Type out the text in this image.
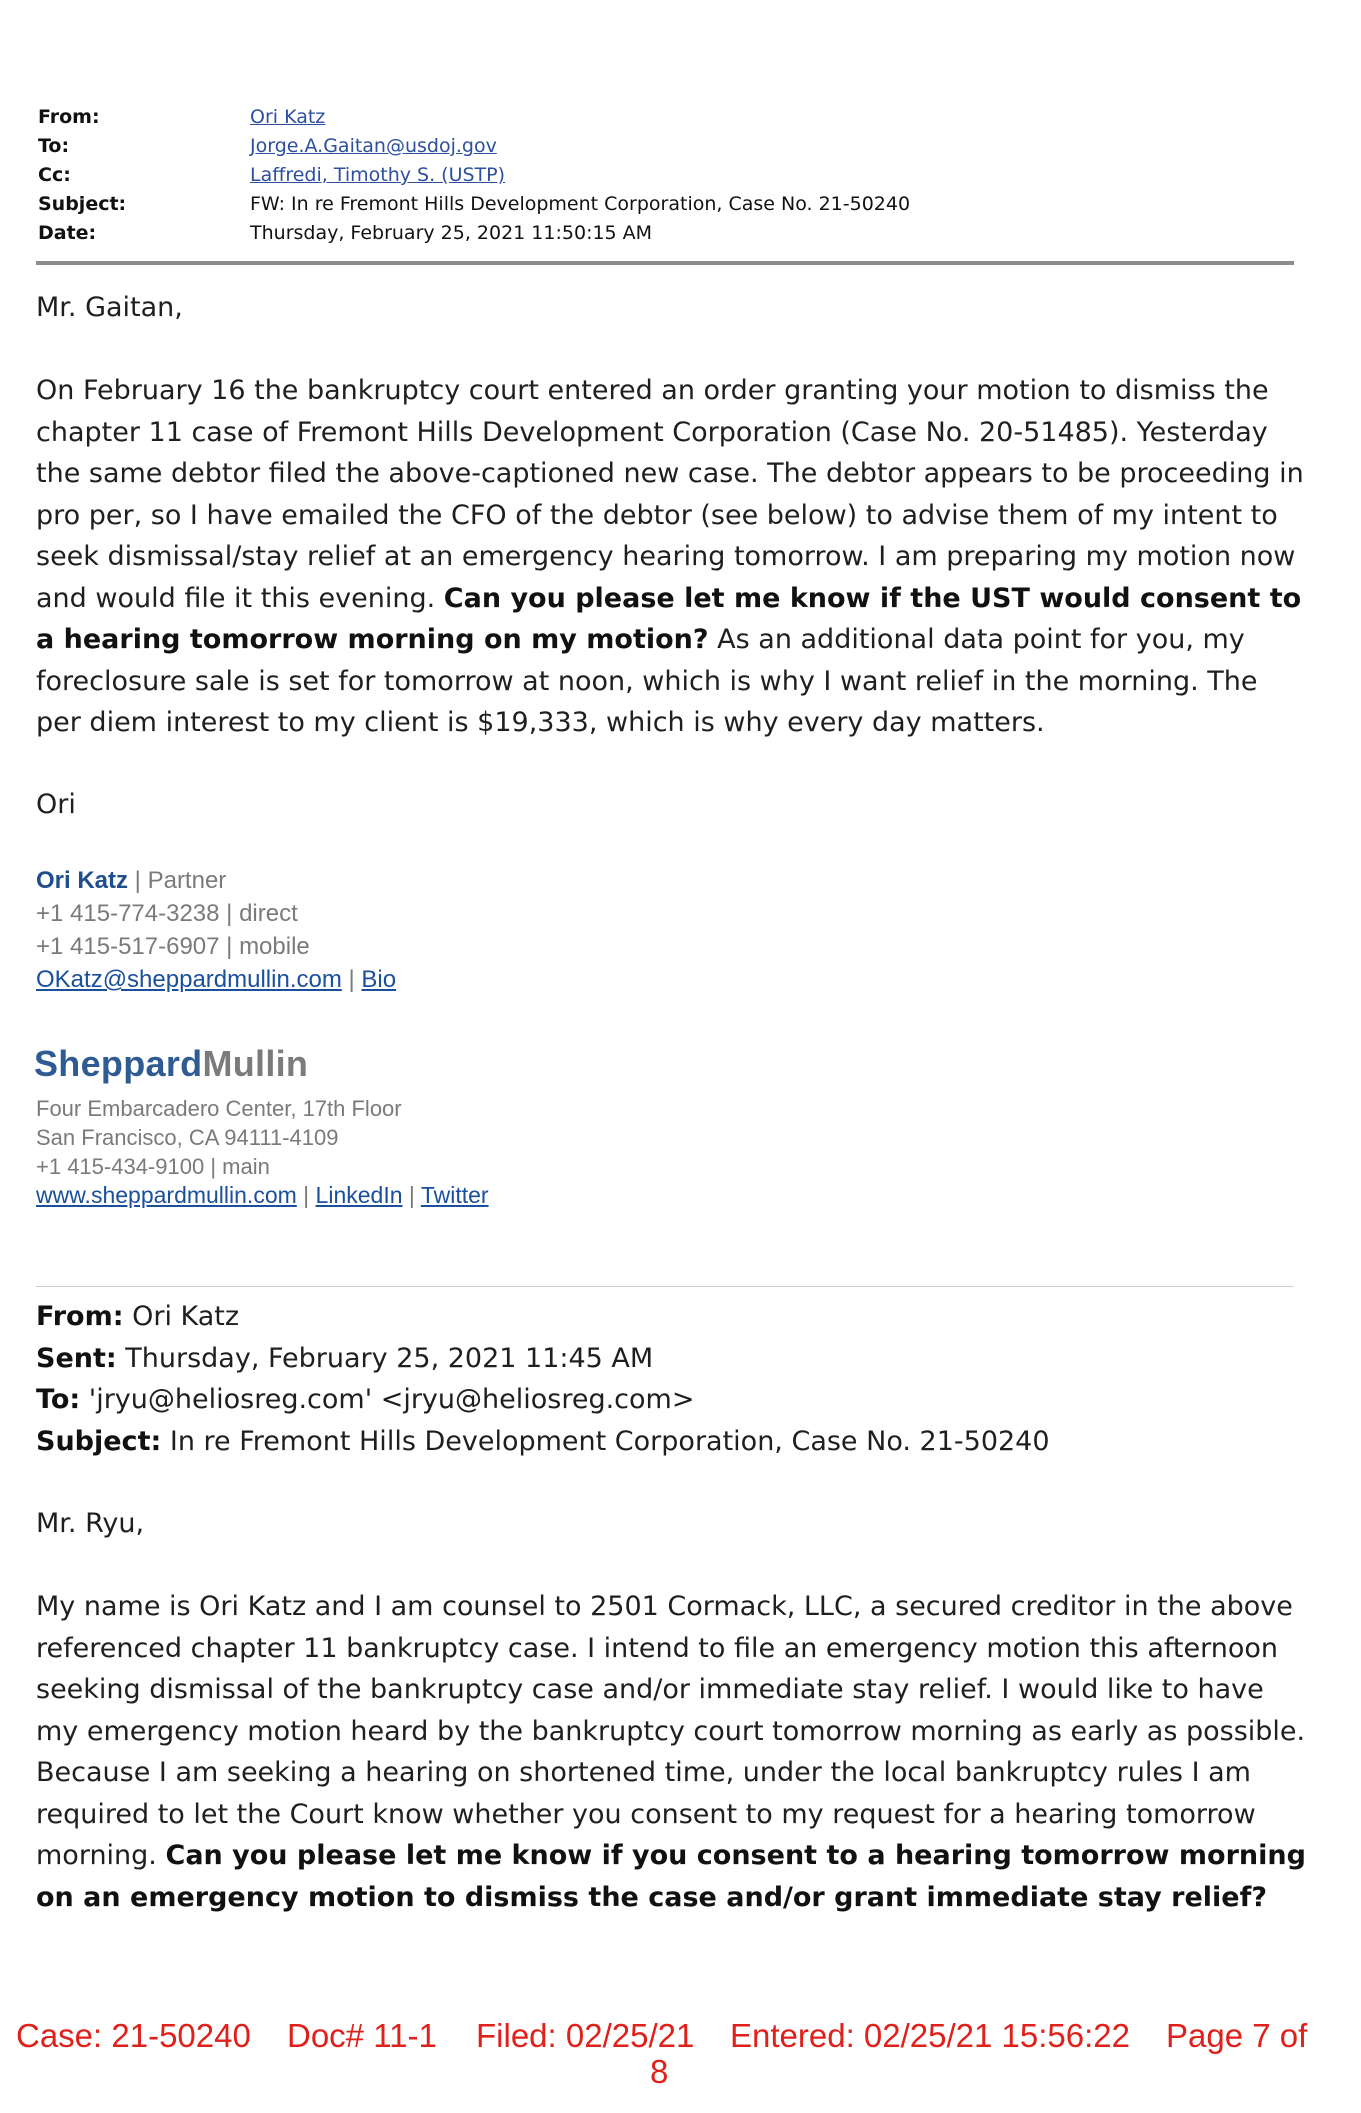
From:	Ori Katz
To:	Jorge.A.Gaitan@usdoj.gov
Cc:	Laffredi, Timothy S. (USTP)
Subject:	FW: In re Fremont Hills Development Corporation, Case No. 21-50240
Date:	Thursday, February 25, 2021 11:50:15 AM
Mr. Gaitan,
On February 16 the bankruptcy court entered an order granting your motion to dismiss the chapter 11 case of Fremont Hills Development Corporation (Case No. 20-51485). Yesterday the same debtor filed the above-captioned new case. The debtor appears to be proceeding in pro per, so I have emailed the CFO of the debtor (see below) to advise them of my intent to seek dismissal/stay relief at an emergency hearing tomorrow. I am preparing my motion now and would file it this evening. Can you please let me know if the UST would consent to a hearing tomorrow morning on my motion? As an additional data point for you, my foreclosure sale is set for tomorrow at noon, which is why I want relief in the morning. The per diem interest to my client is $19,333, which is why every day matters.
Ori
Ori Katz | Partner
+1 415-774-3238 | direct
+1 415-517-6907 | mobile
OKatz@sheppardmullin.com | Bio
SheppardMullin
Four Embarcadero Center, 17th Floor
San Francisco, CA 94111-4109
+1 415-434-9100 | main
www.sheppardmullin.com | LinkedIn | Twitter
From: Ori Katz
Sent: Thursday, February 25, 2021 11:45 AM
To: 'jryu@heliosreg.com' <jryu@heliosreg.com>
Subject: In re Fremont Hills Development Corporation, Case No. 21-50240
Mr. Ryu,
My name is Ori Katz and I am counsel to 2501 Cormack, LLC, a secured creditor in the above referenced chapter 11 bankruptcy case. I intend to file an emergency motion this afternoon seeking dismissal of the bankruptcy case and/or immediate stay relief. I would like to have my emergency motion heard by the bankruptcy court tomorrow morning as early as possible. Because I am seeking a hearing on shortened time, under the local bankruptcy rules I am required to let the Court know whether you consent to my request for a hearing tomorrow morning. Can you please let me know if you consent to a hearing tomorrow morning on an emergency motion to dismiss the case and/or grant immediate stay relief?
Case: 21-50240 Doc# 11-1 Filed: 02/25/21 Entered: 02/25/21 15:56:22 Page 7 of
8
